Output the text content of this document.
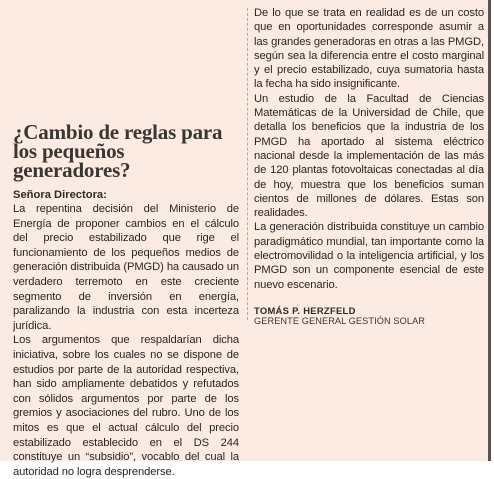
¿Cambio de reglas para los pequeños generadores?
Señora Directora:

La repentina decisión del Ministerio de Energía de proponer cambios en el cálculo del precio estabilizado que rige el funcionamiento de los pequeños medios de generación distribuida (PMGD) ha causado un verdadero terremoto en este creciente segmento de inversión en energía, paralizando la industria con esta incerteza jurídica.

Los argumentos que respaldarían dicha iniciativa, sobre los cuales no se dispone de estudios por parte de la autoridad respectiva, han sido ampliamente debatidos y refutados con sólidos argumentos por parte de los gremios y asociaciones del rubro. Uno de los mitos es que el actual cálculo del precio estabilizado establecido en el DS 244 constituye un “subsidio”, vocablo del cual la autoridad no logra desprenderse.

De lo que se trata en realidad es de un costo que en oportunidades corresponde asumir a las grandes generadoras en otras a las PMGD, según sea la diferencia entre el costo marginal y el precio estabilizado, cuya sumatoria hasta la fecha ha sido insignificante.

Un estudio de la Facultad de Ciencias Matemáticas de la Universidad de Chile, que detalla los beneficios que la industria de los PMGD ha aportado al sistema eléctrico nacional desde la implementación de las más de 120 plantas fotovoltaicas conectadas al día de hoy, muestra que los beneficios suman cientos de millones de dólares. Estas son realidades.

La generación distribuida constituye un cambio paradigmático mundial, tan importante como la electromovilidad o la inteligencia artificial, y los PMGD son un componente esencial de este nuevo escenario.

TOMÁS P. HERZFELD
GERENTE GENERAL GESTIÓN SOLAR
